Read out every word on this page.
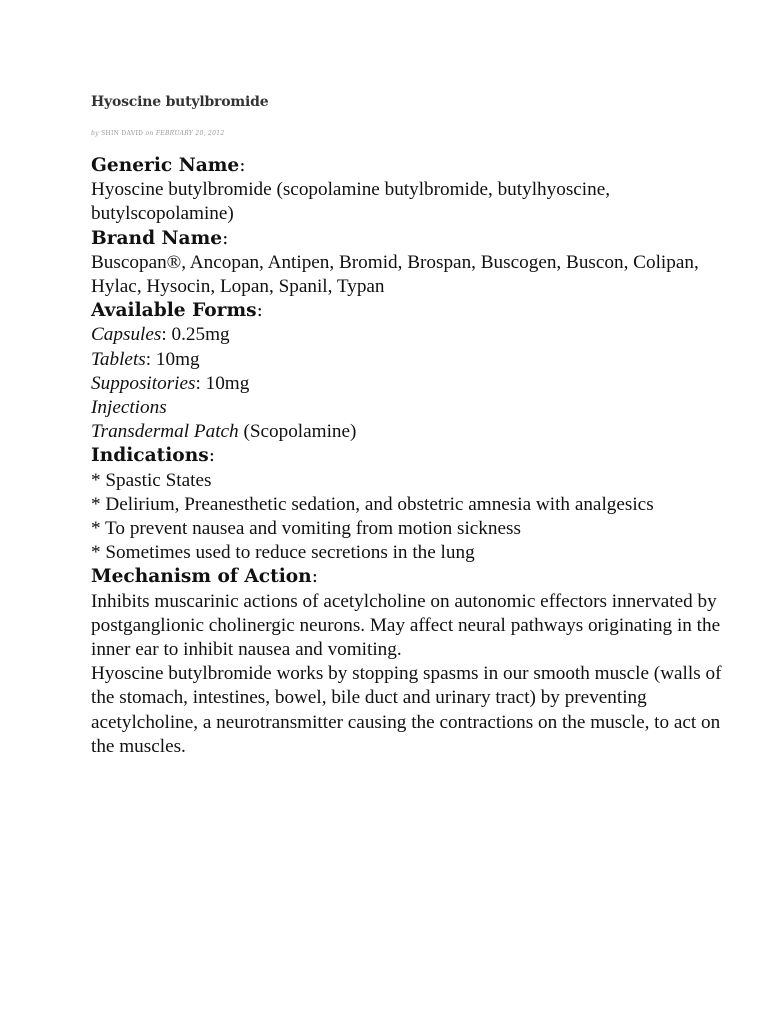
Hyoscine butylbromide
by SHIN DAVID on FEBRUARY 20, 2012
Generic Name:

Hyoscine butylbromide (scopolamine butylbromide, butylhyoscine, butylscopolamine)

Brand Name:

Buscopan®, Ancopan, Antipen, Bromid, Brospan, Buscogen, Buscon, Colipan, Hylac, Hysocin, Lopan, Spanil, Typan

Available Forms:

Capsules: 0.25mg

Tablets: 10mg

Suppositories: 10mg

Injections

Transdermal Patch (Scopolamine)

Indications:

* Spastic States

* Delirium, Preanesthetic sedation, and obstetric amnesia with analgesics

* To prevent nausea and vomiting from motion sickness

* Sometimes used to reduce secretions in the lung

Mechanism of Action:

Inhibits muscarinic actions of acetylcholine on autonomic effectors innervated by postganglionic cholinergic neurons. May affect neural pathways originating in the inner ear to inhibit nausea and vomiting.

Hyoscine butylbromide works by stopping spasms in our smooth muscle (walls of the stomach, intestines, bowel, bile duct and urinary tract) by preventing acetylcholine, a neurotransmitter causing the contractions on the muscle, to act on the muscles.
